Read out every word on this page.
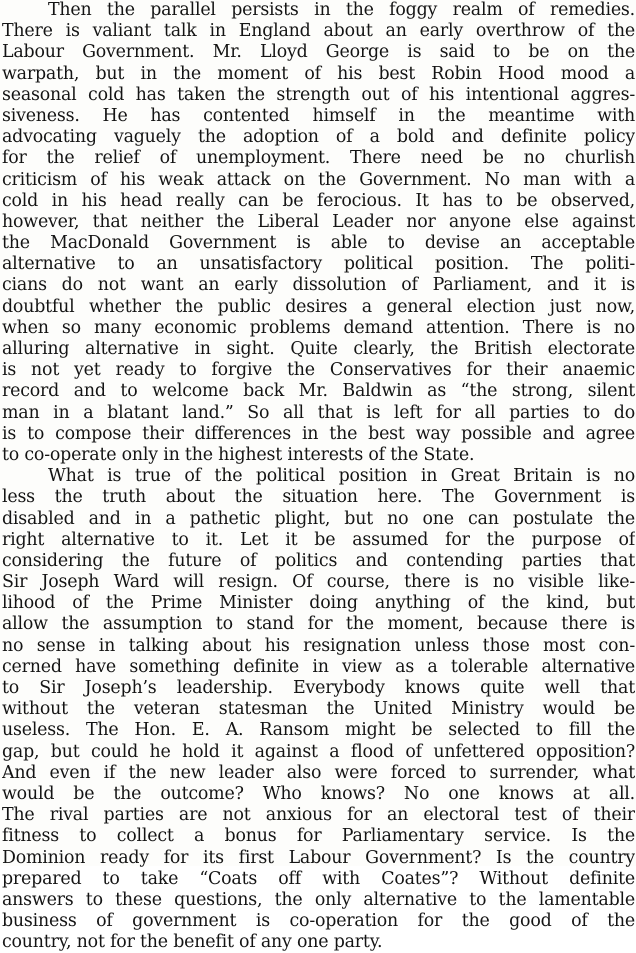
Then the parallel persists in the foggy realm of remedies.
There is valiant talk in England about an early overthrow of the
Labour Government. Mr. Lloyd George is said to be on the
warpath, but in the moment of his best Robin Hood mood a
seasonal cold has taken the strength out of his intentional aggres-
siveness. He has contented himself in the meantime with
advocating vaguely the adoption of a bold and definite policy
for the relief of unemployment. There need be no churlish
criticism of his weak attack on the Government. No man with a
cold in his head really can be ferocious. It has to be observed,
however, that neither the Liberal Leader nor anyone else against
the MacDonald Government is able to devise an acceptable
alternative to an unsatisfactory political position. The politi-
cians do not want an early dissolution of Parliament, and it is
doubtful whether the public desires a general election just now,
when so many economic problems demand attention. There is no
alluring alternative in sight. Quite clearly, the British electorate
is not yet ready to forgive the Conservatives for their anaemic
record and to welcome back Mr. Baldwin as “the strong, silent
man in a blatant land.” So all that is left for all parties to do
is to compose their differences in the best way possible and agree
to co-operate only in the highest interests of the State.
What is true of the political position in Great Britain is no
less the truth about the situation here. The Government is
disabled and in a pathetic plight, but no one can postulate the
right alternative to it. Let it be assumed for the purpose of
considering the future of politics and contending parties that
Sir Joseph Ward will resign. Of course, there is no visible like-
lihood of the Prime Minister doing anything of the kind, but
allow the assumption to stand for the moment, because there is
no sense in talking about his resignation unless those most con-
cerned have something definite in view as a tolerable alternative
to Sir Joseph’s leadership. Everybody knows quite well that
without the veteran statesman the United Ministry would be
useless. The Hon. E. A. Ransom might be selected to fill the
gap, but could he hold it against a flood of unfettered opposition?
And even if the new leader also were forced to surrender, what
would be the outcome? Who knows? No one knows at all.
The rival parties are not anxious for an electoral test of their
fitness to collect a bonus for Parliamentary service. Is the
Dominion ready for its first Labour Government? Is the country
prepared to take “Coats off with Coates”? Without definite
answers to these questions, the only alternative to the lamentable
business of government is co-operation for the good of the
country, not for the benefit of any one party.
